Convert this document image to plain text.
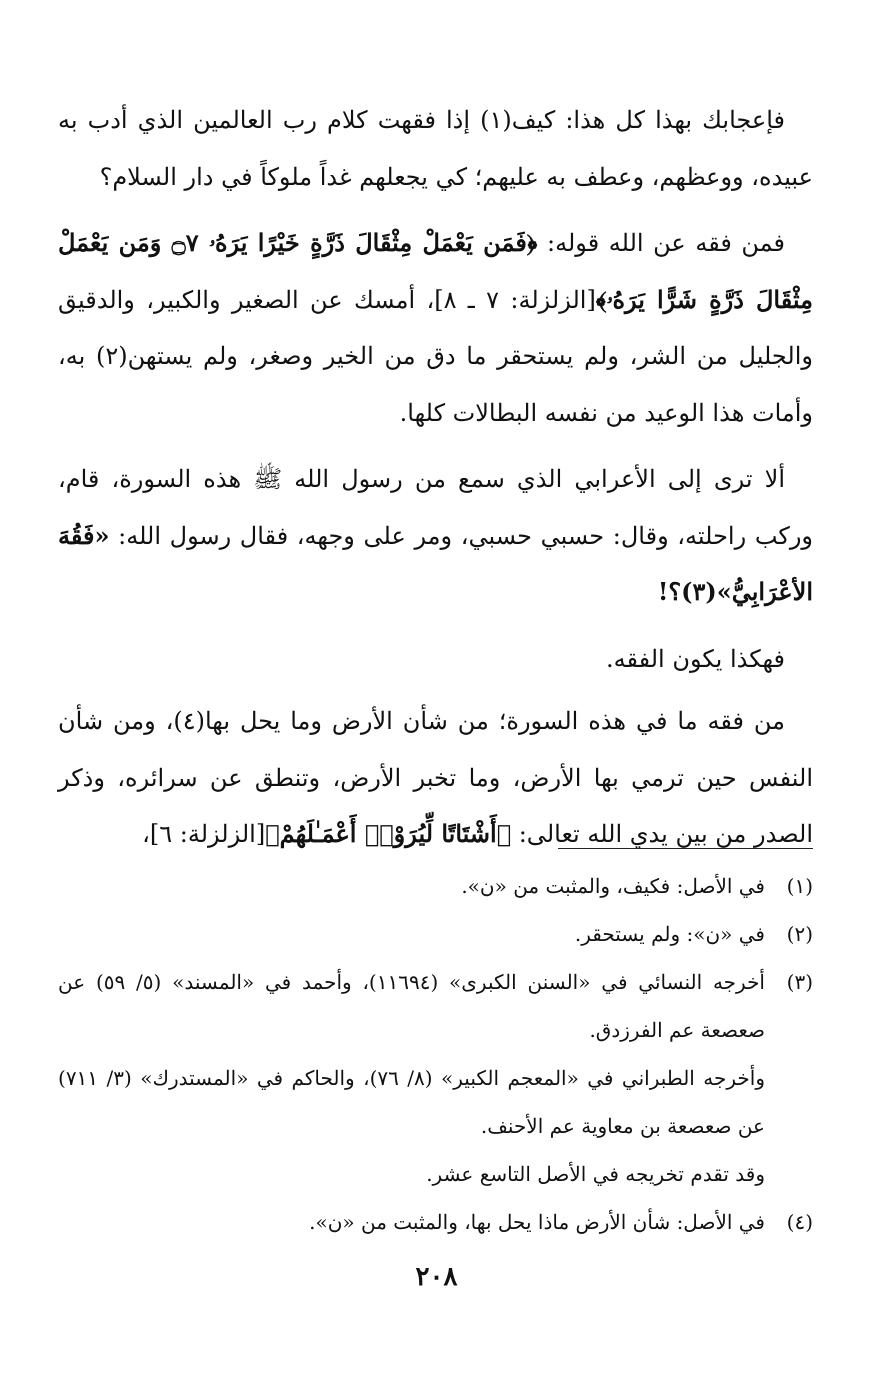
فإعجابك بهذا كل هذا: كيف(١) إذا فقهت كلام رب العالمين الذي أدب به عبيده، ووعظهم، وعطف به عليهم؛ كي يجعلهم غداً ملوكاً في دار السلام؟

فمن فقه عن الله قوله: ﴿فَمَن يَعْمَلْ مِثْقَالَ ذَرَّةٍ خَيْرًا يَرَهُۥ ۝٧ وَمَن يَعْمَلْ مِثْقَالَ ذَرَّةٍ شَرًّا يَرَهُۥ﴾[الزلزلة: ٧ ـ ٨]، أمسك عن الصغير والكبير، والدقيق والجليل من الشر، ولم يستحقر ما دق من الخير وصغر، ولم يستهن(٢) به، وأمات هذا الوعيد من نفسه البطالات كلها.

ألا ترى إلى الأعرابي الذي سمع من رسول الله ﷺ هذه السورة، قام، وركب راحلته، وقال: حسبي حسبي، ومر على وجهه، فقال رسول الله: «فَقُهَ الأعْرَابِيُّ»(٣)؟!

فهكذا يكون الفقه.

من فقه ما في هذه السورة؛ من شأن الأرض وما يحل بها(٤)، ومن شأن النفس حين ترمي بها الأرض، وما تخبر الأرض، وتنطق عن سرائره، وذكر الصدر من بين يدي الله تعالى: ﴿أَشْتَاتًا لِّيُرَوْا۟ أَعْمَـٰلَهُمْ﴾[الزلزلة: ٦]،

(١)
في الأصل: فكيف، والمثبت من «ن».
(٢)
في «ن»: ولم يستحقر.
(٣)
أخرجه النسائي في «السنن الكبرى» (١١٦٩٤)، وأحمد في «المسند» (٥/ ٥٩) عن صعصعة عم الفرزدق.
وأخرجه الطبراني في «المعجم الكبير» (٨/ ٧٦)، والحاكم في «المستدرك» (٣/ ٧١١) عن صعصعة بن معاوية عم الأحنف.
وقد تقدم تخريجه في الأصل التاسع عشر.
(٤)
في الأصل: شأن الأرض ماذا يحل بها، والمثبت من «ن».
٢٠٨
